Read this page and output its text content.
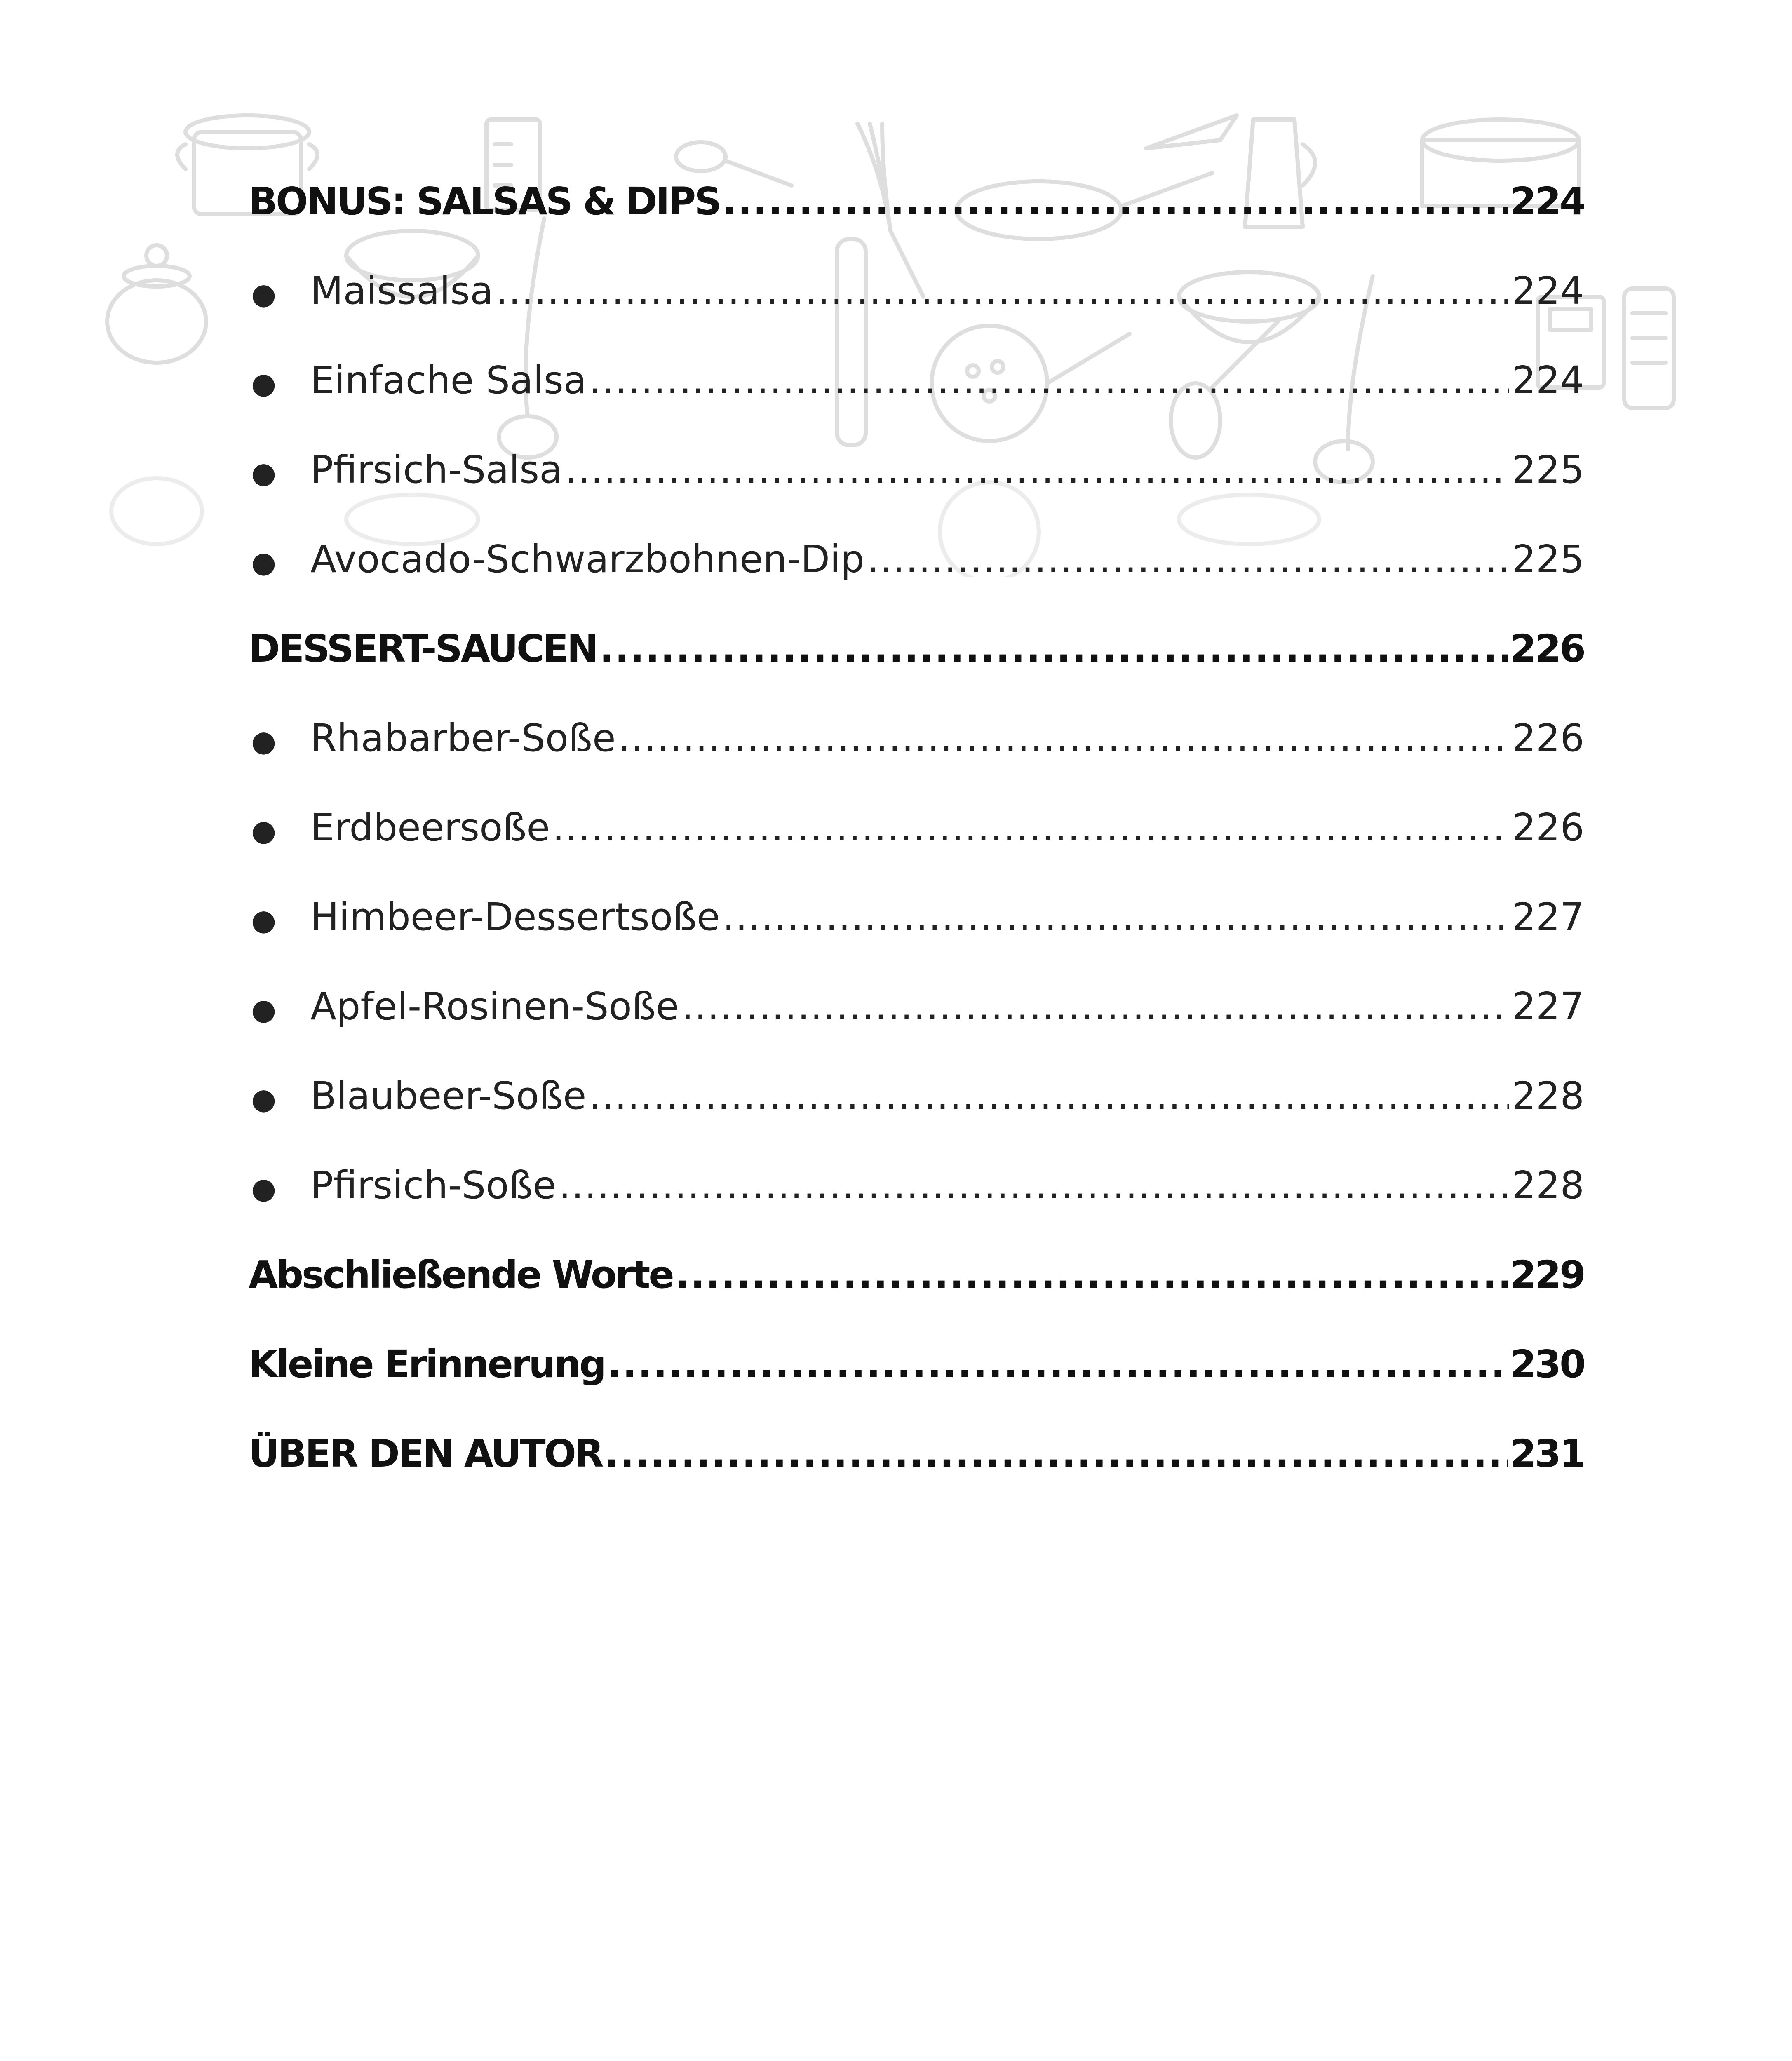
BONUS: SALSAS & DIPS .....	224
● Maissalsa .....	224
● Einfache Salsa .....	224
● Pfirsich-Salsa .....	225
● Avocado-Schwarzbohnen-Dip .....	225
DESSERT-SAUCEN .....	226
● Rhabarber-Soße .....	226
● Erdbeersoße .....	226
● Himbeer-Dessertsoße .....	227
● Apfel-Rosinen-Soße .....	227
● Blaubeer-Soße .....	228
● Pfirsich-Soße .....	228
Abschließende Worte .....	229
Kleine Erinnerung .....	230
ÜBER DEN AUTOR .....	231
